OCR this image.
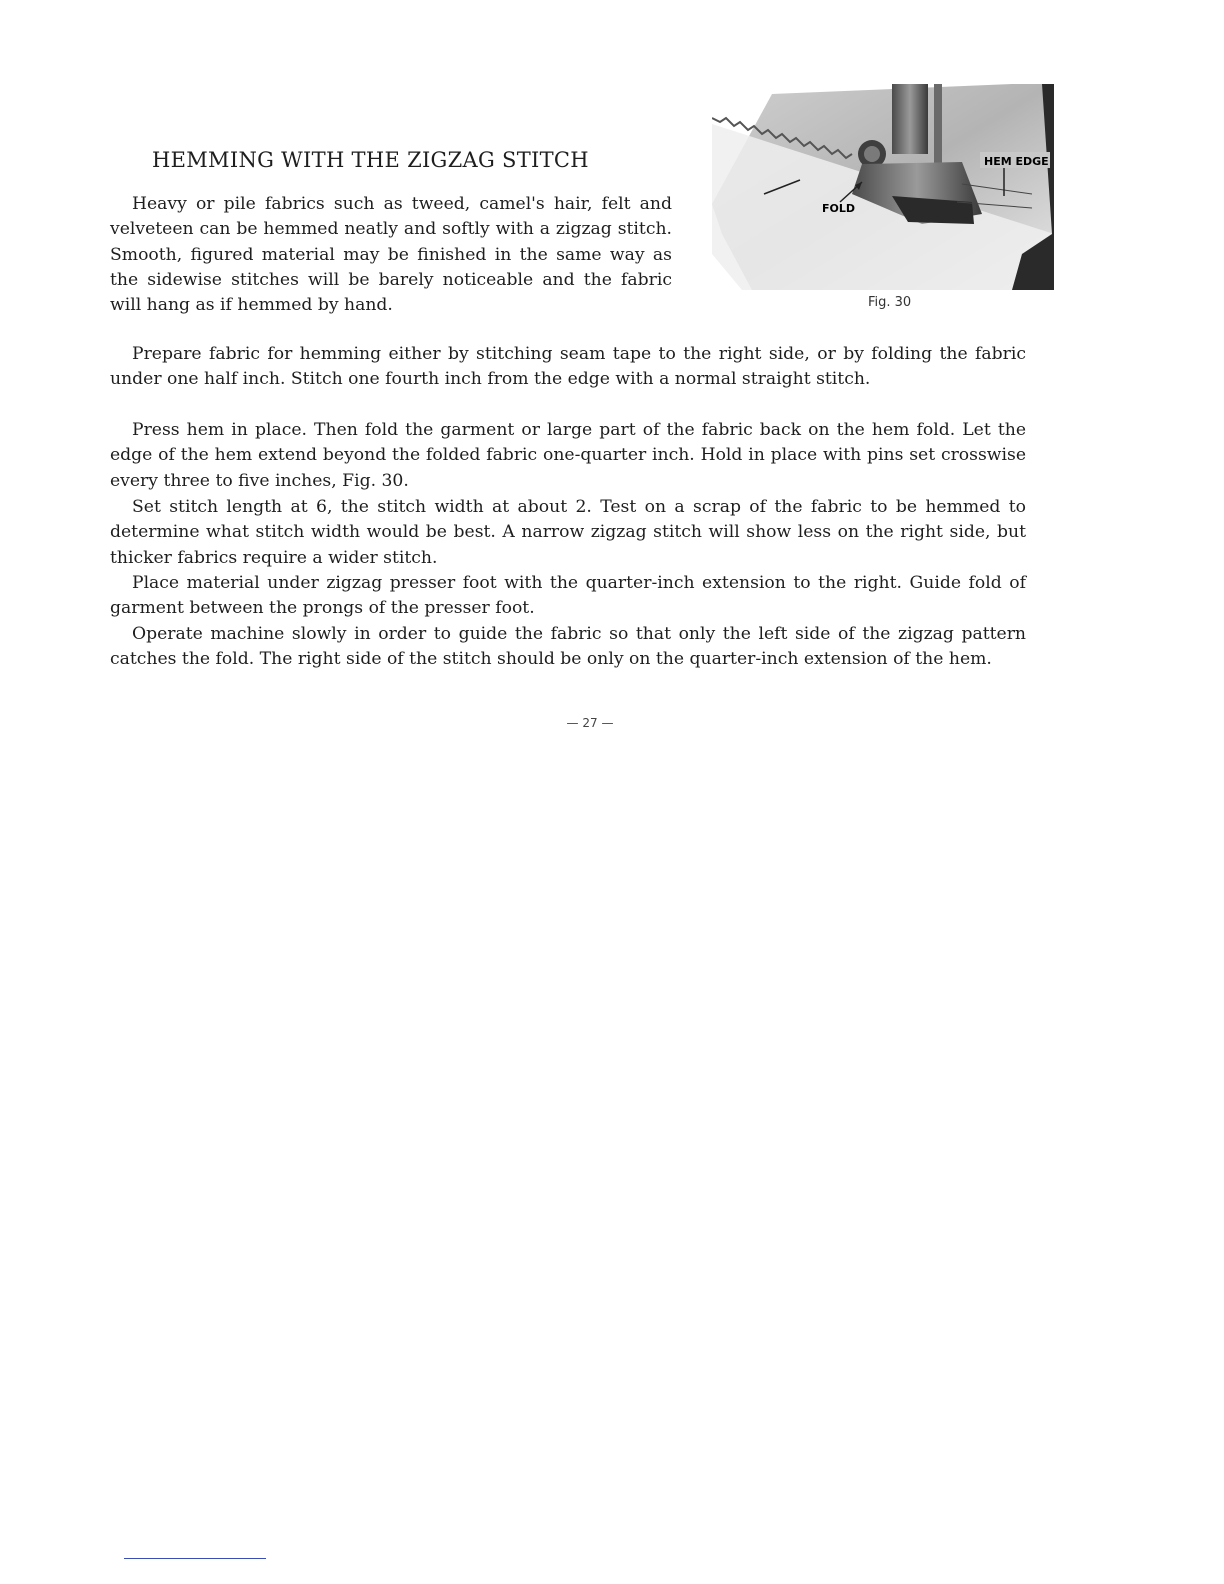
HEMMING WITH THE ZIGZAG STITCH	HEM EDGE
FOLD
Fig. 30

Heavy or pile fabrics such as tweed, camel's hair, felt and velveteen can be hemmed neatly and softly with a zigzag stitch. Smooth, figured material may be finished in the same way as the sidewise stitches will be barely noticeable and the fabric will hang as if hemmed by hand.

Prepare fabric for hemming either by stitching seam tape to the right side, or by folding the fabric under one half inch. Stitch one fourth inch from the edge with a normal straight stitch.

Press hem in place. Then fold the garment or large part of the fabric back on the hem fold. Let the edge of the hem extend beyond the folded fabric one-quarter inch. Hold in place with pins set crosswise every three to five inches, Fig. 30.

Set stitch length at 6, the stitch width at about 2. Test on a scrap of the fabric to be hemmed to determine what stitch width would be best. A narrow zigzag stitch will show less on the right side, but thicker fabrics require a wider stitch.

Place material under zigzag presser foot with the quarter-inch extension to the right. Guide fold of garment between the prongs of the presser foot.

Operate machine slowly in order to guide the fabric so that only the left side of the zigzag pattern catches the fold. The right side of the stitch should be only on the quarter-inch extension of the hem.

— 27 —
